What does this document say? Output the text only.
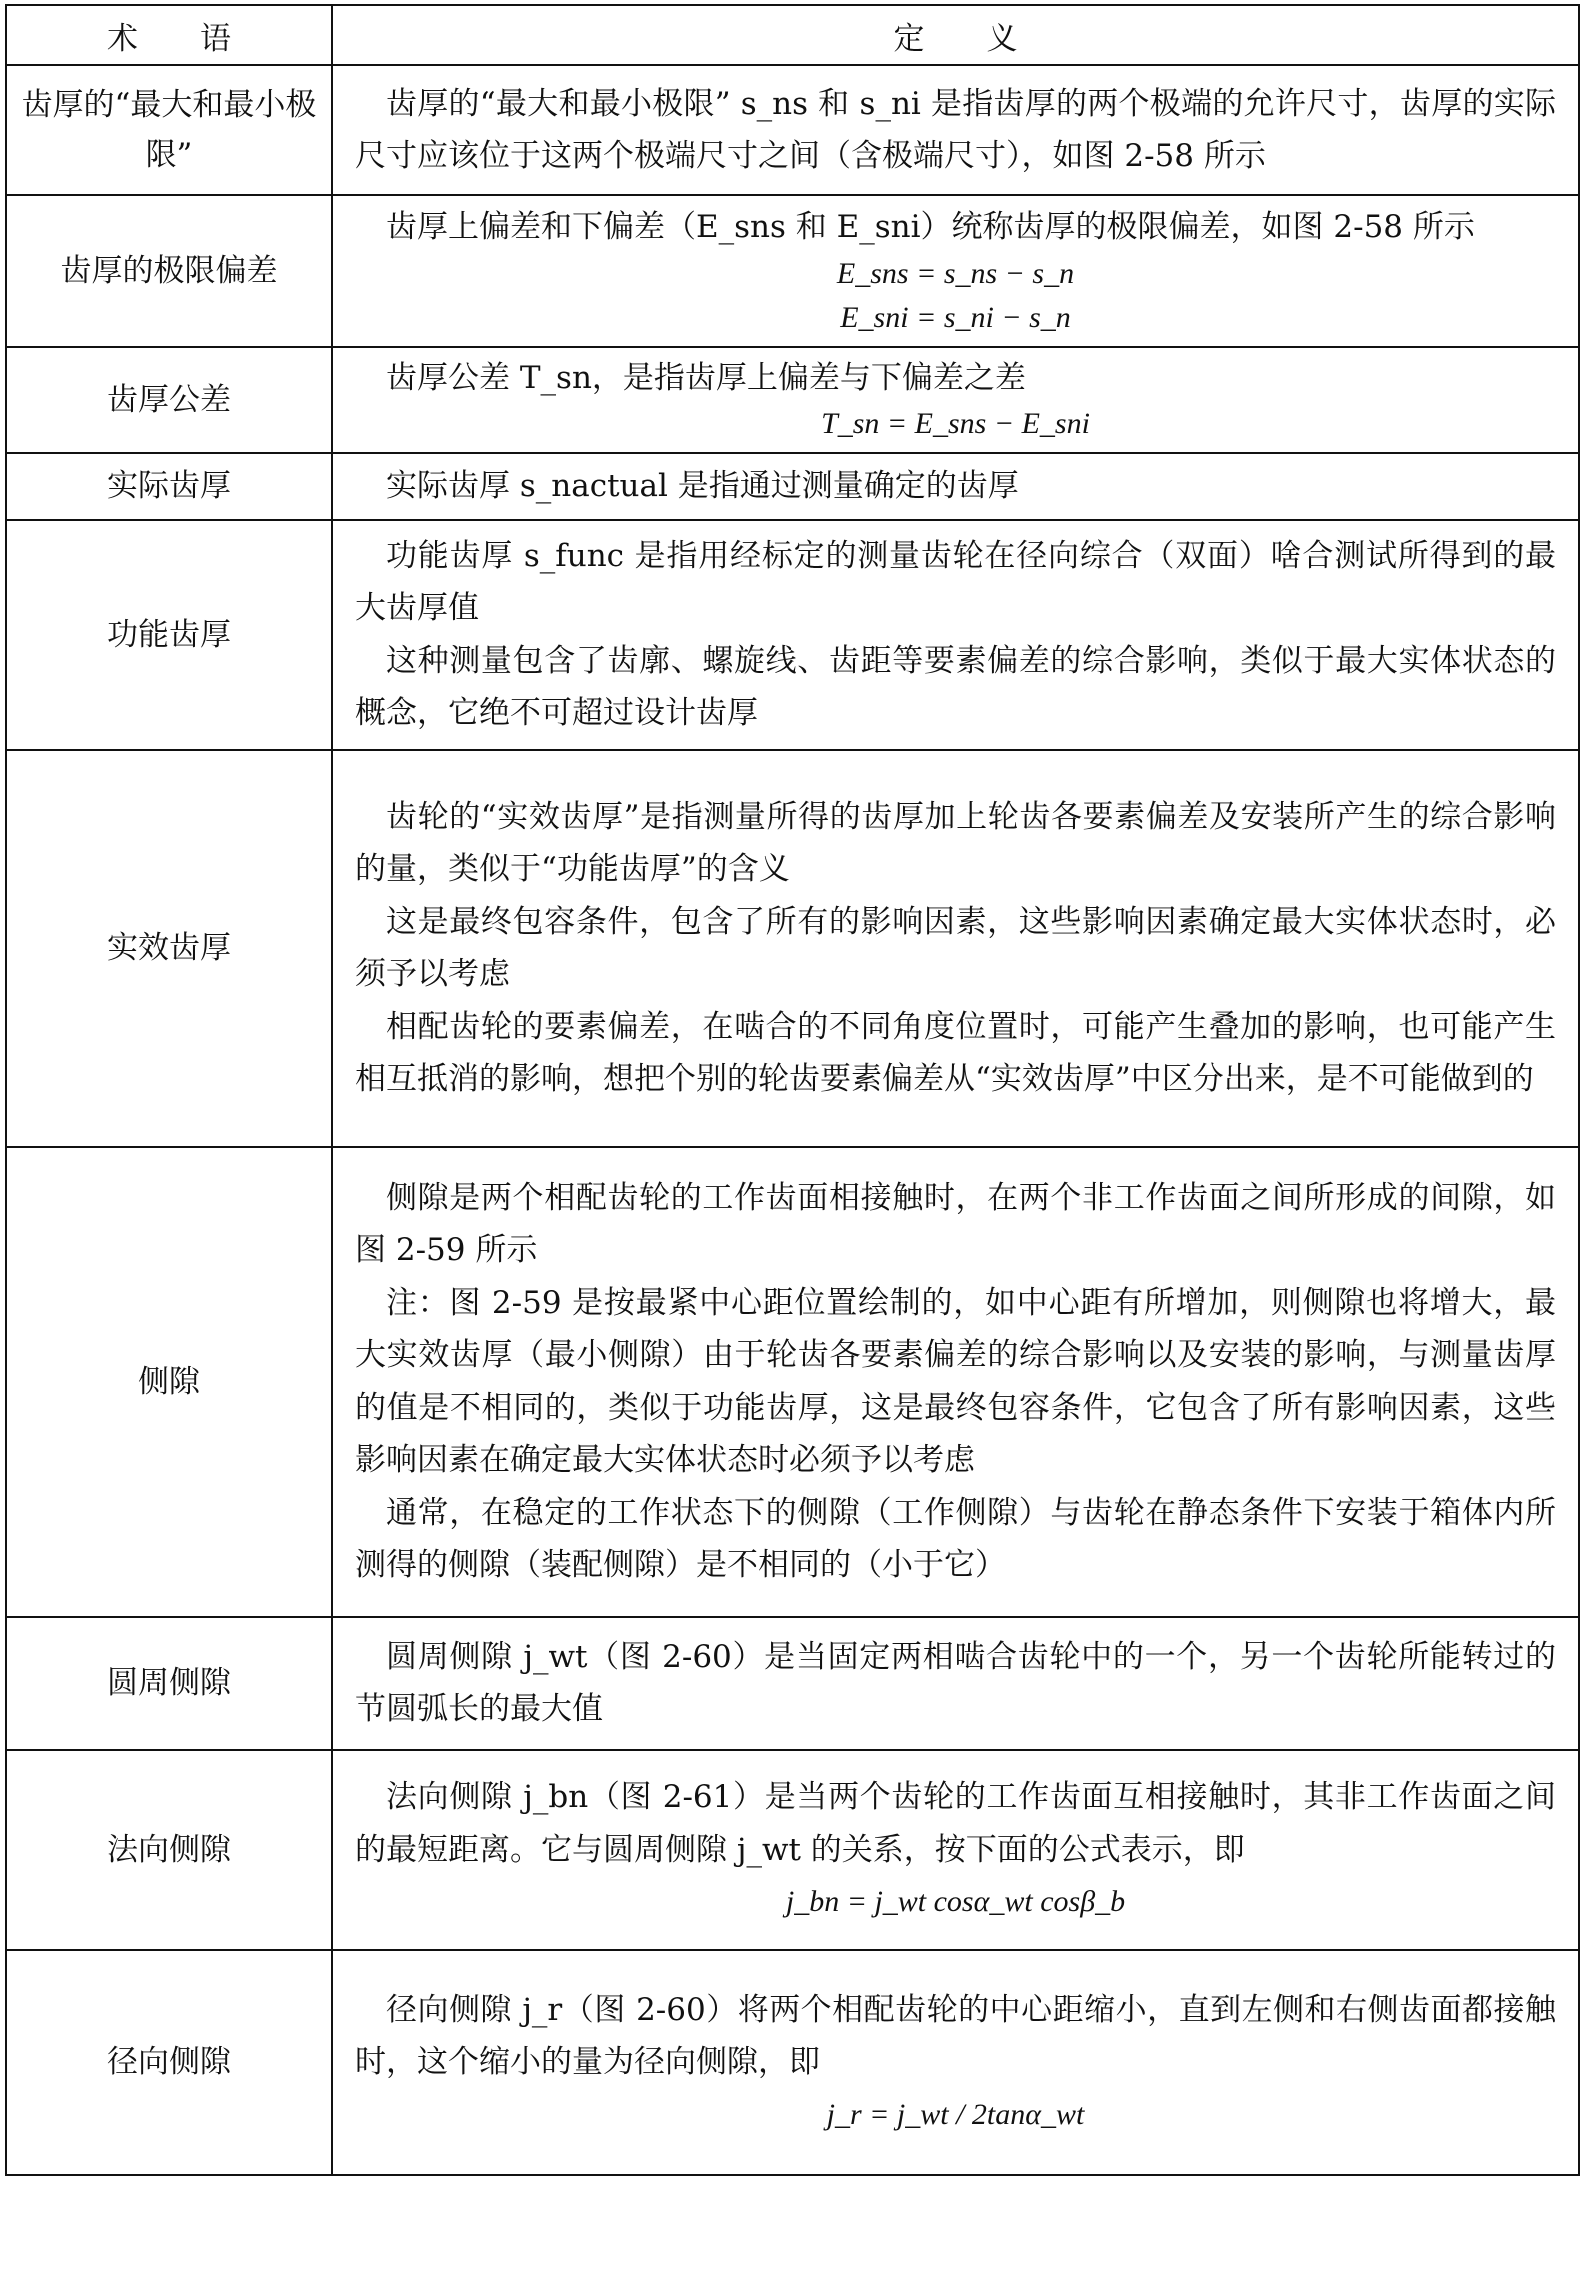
术　　语	定　　义
齿厚的“最大和最小极限”	齿厚的“最大和最小极限” s_ns 和 s_ni 是指齿厚的两个极端的允许尺寸，齿厚的实际尺寸应该位于这两个极端尺寸之间（含极端尺寸），如图 2-58 所示

齿厚的极限偏差	齿厚上偏差和下偏差（E_sns 和 E_sni）统称齿厚的极限偏差，如图 2-58 所示

E_sns = s_ns − s_n

E_sni = s_ni − s_n

齿厚公差	齿厚公差 T_sn，是指齿厚上偏差与下偏差之差

T_sn = E_sns − E_sni

实际齿厚	实际齿厚 s_nactual 是指通过测量确定的齿厚

功能齿厚	功能齿厚 s_func 是指用经标定的测量齿轮在径向综合（双面）啥合测试所得到的最大齿厚值

这种测量包含了齿廓、螺旋线、齿距等要素偏差的综合影响，类似于最大实体状态的概念，它绝不可超过设计齿厚

实效齿厚	齿轮的“实效齿厚”是指测量所得的齿厚加上轮齿各要素偏差及安装所产生的综合影响的量，类似于“功能齿厚”的含义

这是最终包容条件，包含了所有的影响因素，这些影响因素确定最大实体状态时，必须予以考虑

相配齿轮的要素偏差，在啮合的不同角度位置时，可能产生叠加的影响，也可能产生相互抵消的影响，想把个别的轮齿要素偏差从“实效齿厚”中区分出来，是不可能做到的

侧隙	侧隙是两个相配齿轮的工作齿面相接触时，在两个非工作齿面之间所形成的间隙，如图 2-59 所示

注：图 2-59 是按最紧中心距位置绘制的，如中心距有所增加，则侧隙也将增大，最大实效齿厚（最小侧隙）由于轮齿各要素偏差的综合影响以及安装的影响，与测量齿厚的值是不相同的，类似于功能齿厚，这是最终包容条件，它包含了所有影响因素，这些影响因素在确定最大实体状态时必须予以考虑

通常，在稳定的工作状态下的侧隙（工作侧隙）与齿轮在静态条件下安装于箱体内所测得的侧隙（装配侧隙）是不相同的（小于它）

圆周侧隙	圆周侧隙 j_wt（图 2-60）是当固定两相啮合齿轮中的一个，另一个齿轮所能转过的节圆弧长的最大值

法向侧隙	法向侧隙 j_bn（图 2-61）是当两个齿轮的工作齿面互相接触时，其非工作齿面之间的最短距离。它与圆周侧隙 j_wt 的关系，按下面的公式表示，即

j_bn = j_wt cosα_wt cosβ_b

径向侧隙	径向侧隙 j_r（图 2-60）将两个相配齿轮的中心距缩小，直到左侧和右侧齿面都接触时，这个缩小的量为径向侧隙，即

j_r = j_wt / 2tanα_wt
